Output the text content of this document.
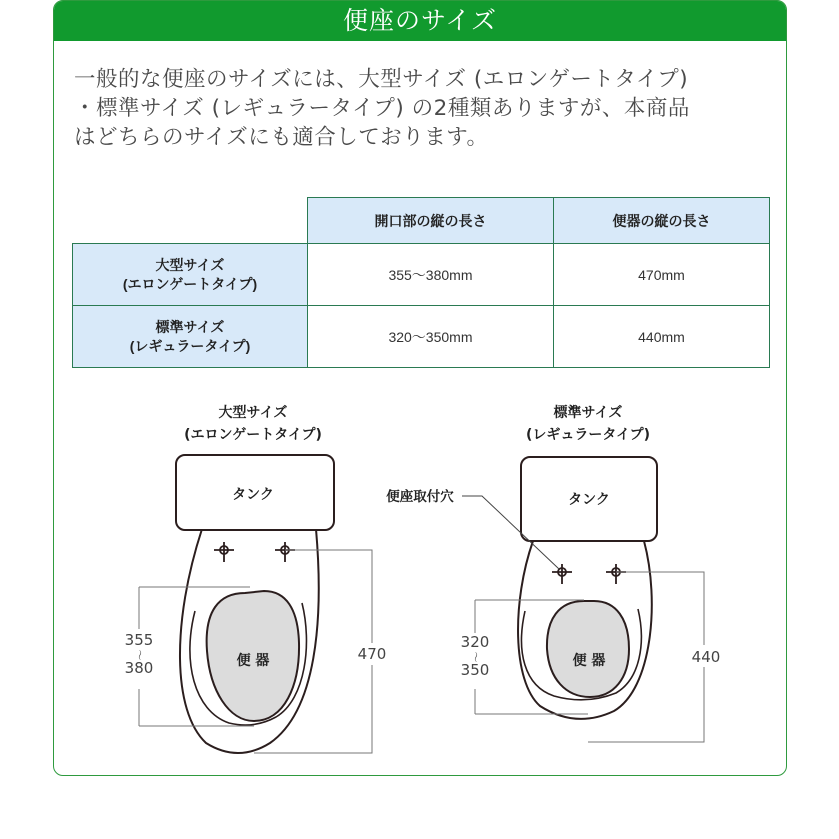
便座のサイズ

一般的な便座のサイズには、大型サイズ (エロンゲートタイプ)
・標準サイズ (レギュラータイプ) の2種類ありますが、本商品
はどちらのサイズにも適合しております。

	開口部の縦の長さ	便器の縦の長さ
大型サイズ
(エロンゲートタイプ)	355～380mm	470mm
標準サイズ
(レギュラータイプ)	320～350mm	440mm
大型サイズ
(エロンゲートタイプ)
タンク
便 器
355
〜
380
470
標準サイズ
(レギュラータイプ)
タンク
便 器
320
〜
350
440
便座取付穴
